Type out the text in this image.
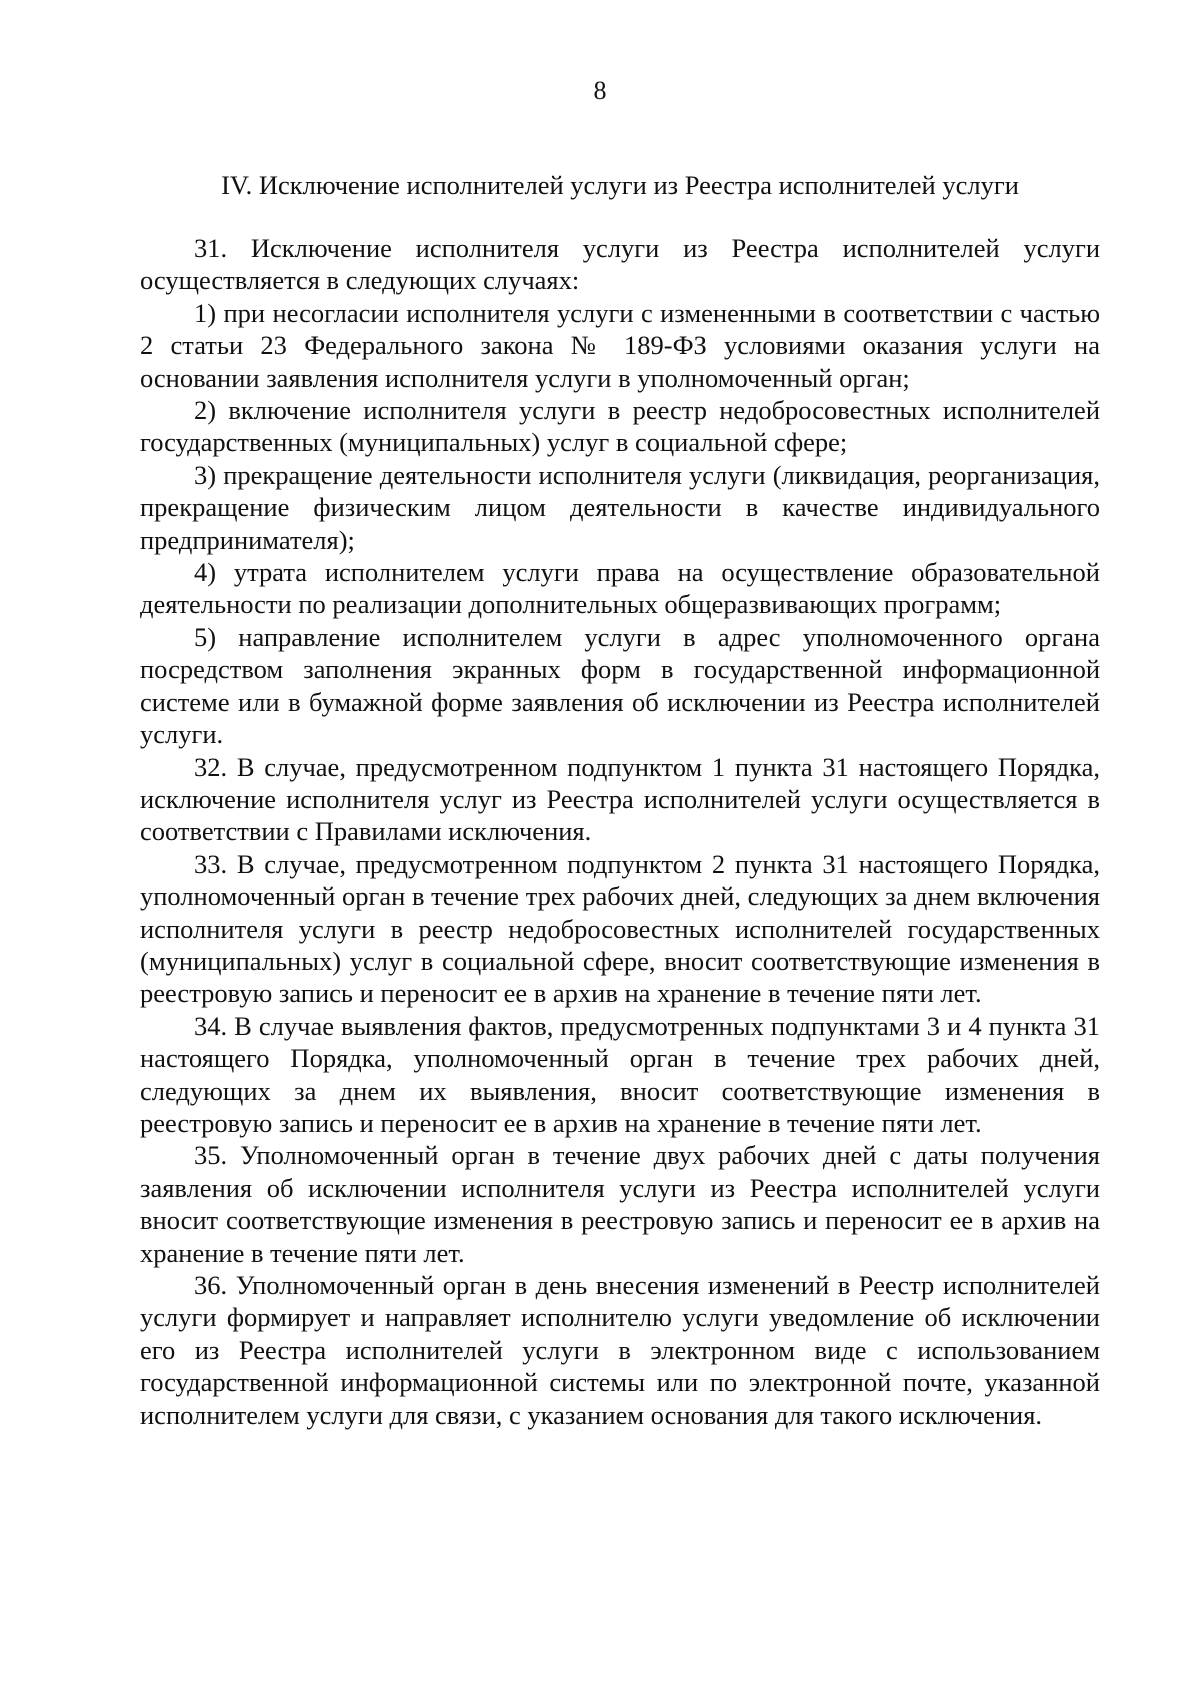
8
IV. Исключение исполнителей услуги из Реестра исполнителей услуги

31. Исключение исполнителя услуги из Реестра исполнителей услуги осуществляется в следующих случаях:

1) при несогласии исполнителя услуги с измененными в соответствии с частью 2 статьи 23 Федерального закона № 189-ФЗ условиями оказания услуги на основании заявления исполнителя услуги в уполномоченный орган;

2) включение исполнителя услуги в реестр недобросовестных исполнителей государственных (муниципальных) услуг в социальной сфере;

3) прекращение деятельности исполнителя услуги (ликвидация, реорганизация, прекращение физическим лицом деятельности в качестве индивидуального предпринимателя);

4) утрата исполнителем услуги права на осуществление образовательной деятельности по реализации дополнительных общеразвивающих программ;

5) направление исполнителем услуги в адрес уполномоченного органа посредством заполнения экранных форм в государственной информационной системе или в бумажной форме заявления об исключении из Реестра исполнителей услуги.

32. В случае, предусмотренном подпунктом 1 пункта 31 настоящего Порядка, исключение исполнителя услуг из Реестра исполнителей услуги осуществляется в соответствии с Правилами исключения.

33. В случае, предусмотренном подпунктом 2 пункта 31 настоящего Порядка, уполномоченный орган в течение трех рабочих дней, следующих за днем включения исполнителя услуги в реестр недобросовестных исполнителей государственных (муниципальных) услуг в социальной сфере, вносит соответствующие изменения в реестровую запись и переносит ее в архив на хранение в течение пяти лет.

34. В случае выявления фактов, предусмотренных подпунктами 3 и 4 пункта 31 настоящего Порядка, уполномоченный орган в течение трех рабочих дней, следующих за днем их выявления, вносит соответствующие изменения в реестровую запись и переносит ее в архив на хранение в течение пяти лет.

35. Уполномоченный орган в течение двух рабочих дней с даты получения заявления об исключении исполнителя услуги из Реестра исполнителей услуги вносит соответствующие изменения в реестровую запись и переносит ее в архив на хранение в течение пяти лет.

36. Уполномоченный орган в день внесения изменений в Реестр исполнителей услуги формирует и направляет исполнителю услуги уведомление об исключении его из Реестра исполнителей услуги в электронном виде с использованием государственной информационной системы или по электронной почте, указанной исполнителем услуги для связи, с указанием основания для такого исключения.
